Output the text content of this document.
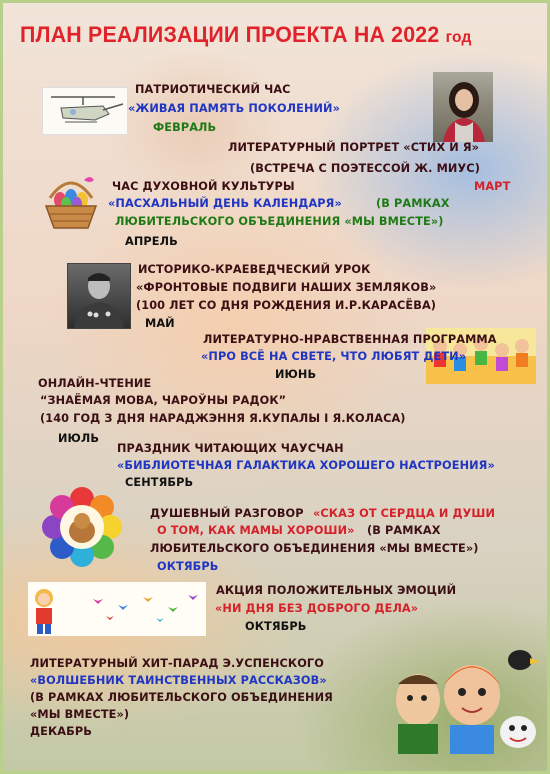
ПЛАН РЕАЛИЗАЦИИ ПРОЕКТА НА 2022 год
ПАТРИОТИЧЕСКИЙ ЧАС
«ЖИВАЯ ПАМЯТЬ ПОКОЛЕНИЙ»
ФЕВРАЛЬ
ЛИТЕРАТУРНЫЙ ПОРТРЕТ «СТИХ И Я»
(ВСТРЕЧА С ПОЭТЕССОЙ Ж. МИУС)
МАРТ
ЧАС ДУХОВНОЙ КУЛЬТУРЫ
«ПАСХАЛЬНЫЙ ДЕНЬ КАЛЕНДАРЯ»	(В РАМКАХ
ЛЮБИТЕЛЬСКОГО ОБЪЕДИНЕНИЯ «МЫ ВМЕСТЕ»)
АПРЕЛЬ
ИСТОРИКО-КРАЕВЕДЧЕСКИЙ УРОК
«ФРОНТОВЫЕ ПОДВИГИ НАШИХ ЗЕМЛЯКОВ»
(100 ЛЕТ СО ДНЯ РОЖДЕНИЯ И.Р.КАРАСЁВА)
МАЙ
ЛИТЕРАТУРНО-НРАВСТВЕННАЯ ПРОГРАММА
«ПРО ВСЁ НА СВЕТЕ, ЧТО ЛЮБЯТ ДЕТИ»
ИЮНЬ
ОНЛАЙН-ЧТЕНИЕ
“ЗНАЁМАЯ МОВА, ЧАРОЎНЫ РАДОК”
(140 ГОД З ДНЯ НАРАДЖЭННЯ Я.КУПАЛЫ І Я.КОЛАСА)
ИЮЛЬ
ПРАЗДНИК ЧИТАЮЩИХ ЧАУСЧАН
«БИБЛИОТЕЧНАЯ ГАЛАКТИКА ХОРОШЕГО НАСТРОЕНИЯ»
СЕНТЯБРЬ
ДУШЕВНЫЙ РАЗГОВОР «СКАЗ ОТ СЕРДЦА И ДУШИ
О ТОМ, КАК МАМЫ ХОРОШИ» (В РАМКАХ
ЛЮБИТЕЛЬСКОГО ОБЪЕДИНЕНИЯ «МЫ ВМЕСТЕ»)
ОКТЯБРЬ
АКЦИЯ ПОЛОЖИТЕЛЬНЫХ ЭМОЦИЙ
«НИ ДНЯ БЕЗ ДОБРОГО ДЕЛА»
ОКТЯБРЬ
ЛИТЕРАТУРНЫЙ ХИТ-ПАРАД Э.УСПЕНСКОГО
«ВОЛШЕБНИК ТАИНСТВЕННЫХ РАССКАЗОВ»
(В РАМКАХ ЛЮБИТЕЛЬСКОГО ОБЪЕДИНЕНИЯ
«МЫ ВМЕСТЕ»)
ДЕКАБРЬ
